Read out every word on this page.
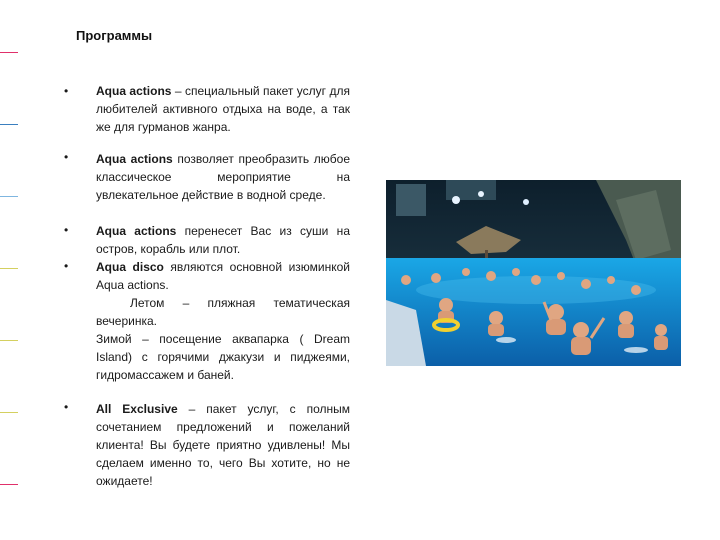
Программы
•
•
•
•
•
Aqua actions – специальный пакет услуг для любителей активного отдыха на воде, а так же для гурманов жанра.
Aqua actions позволяет преобразить любое классическое мероприятие на увлекательное действие в водной среде.
Aqua actions перенесет Вас из суши на остров, корабль или плот.
Aqua disco являются основной изюминкой Aqua actions.
Летом – пляжная тематическая вечеринка.
Зимой – посещение аквапарка ( Dream Island) с горячими джакузи и пиджеями, гидромассажем и баней.
All Exclusive – пакет услуг, с полным сочетанием предложений и пожеланий клиента! Вы будете приятно удивлены! Мы сделаем именно то, чего Вы хотите, но не ожидаете!
